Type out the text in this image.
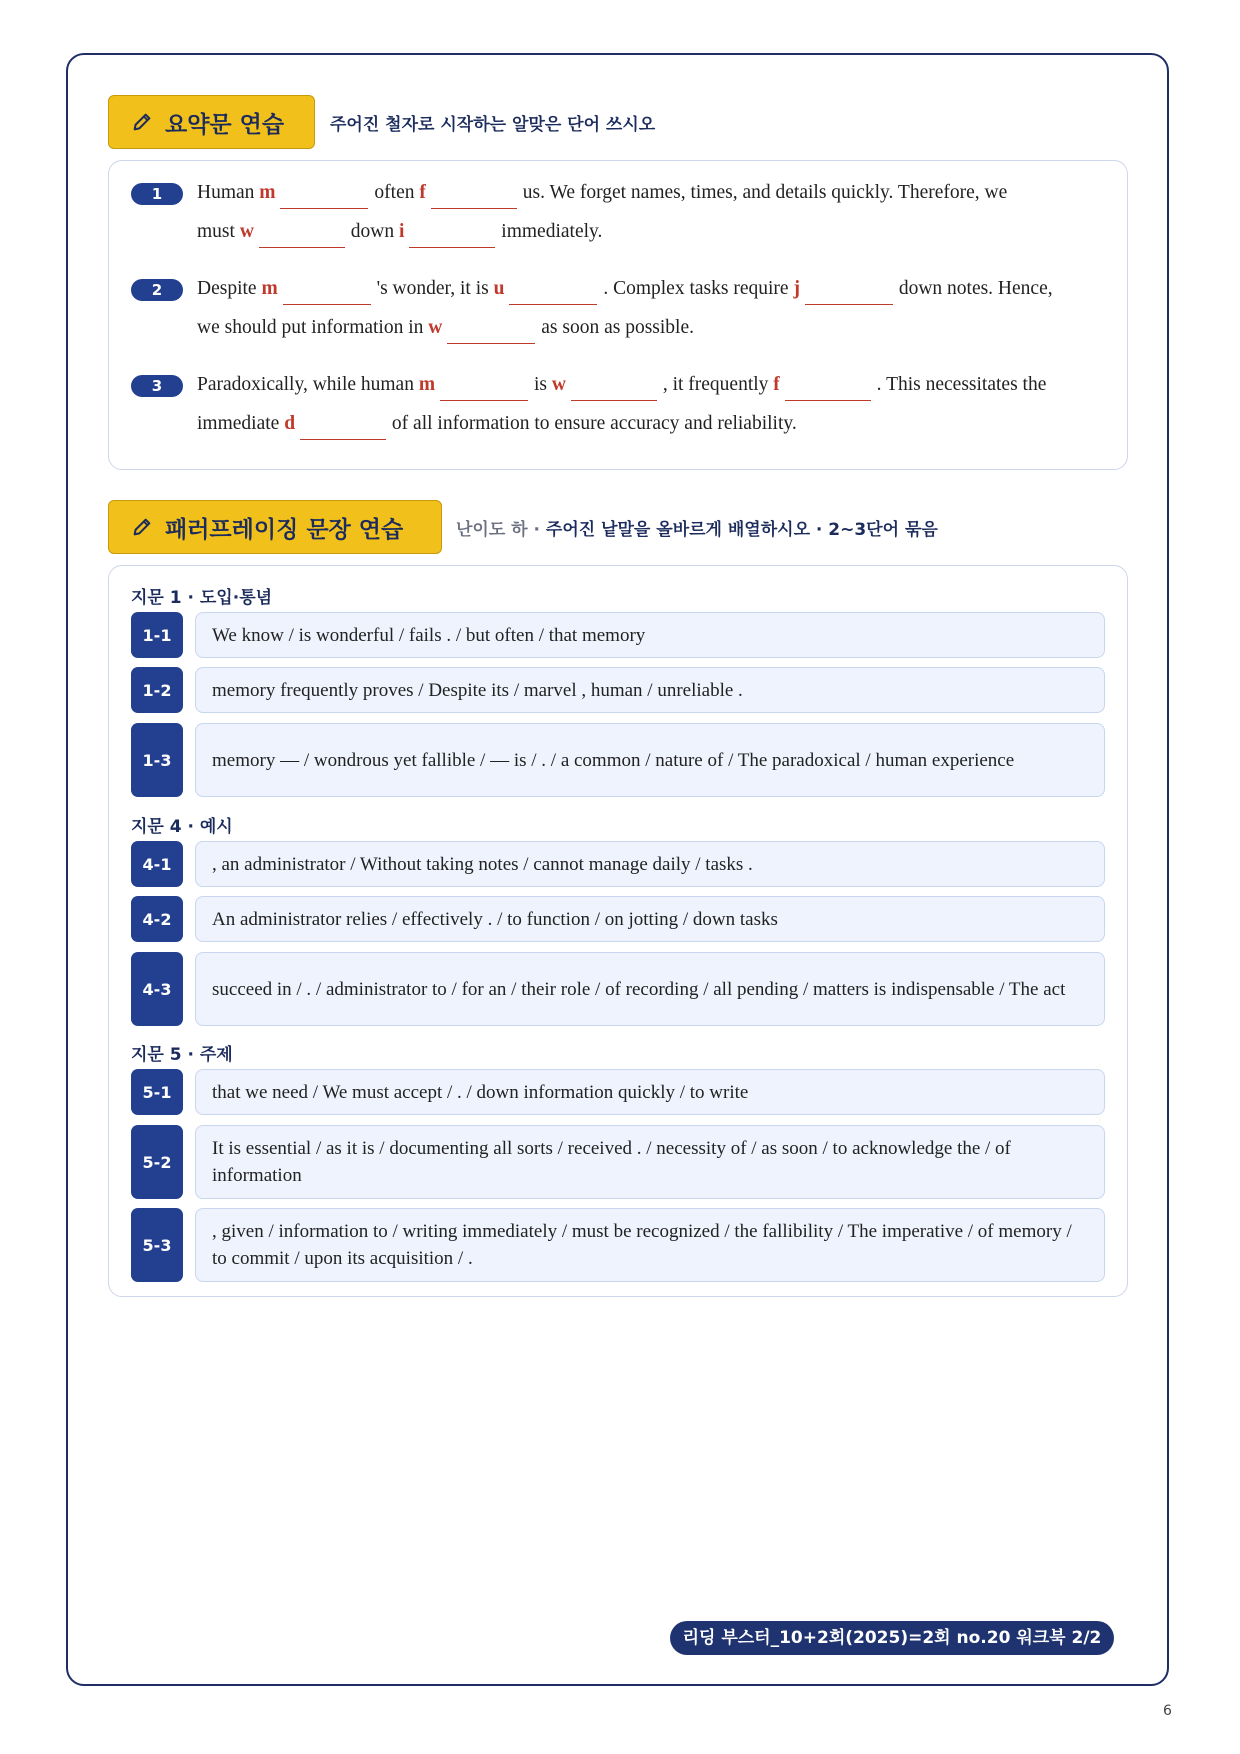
요약문 연습	주어진 철자로 시작하는 알맞은 단어 쓰시오
1	Human m	often f	us. We forget names, times, and details quickly. Therefore, we
must w	down i	immediately.
2	Despite m	's wonder, it is u	. Complex tasks require j	down notes. Hence,
we should put information in w	as soon as possible.
3	Paradoxically, while human m	is w	, it frequently f	. This necessitates the
immediate d	of all information to ensure accuracy and reliability.
패러프레이징 문장 연습	난이도 하 · 주어진 낱말을 올바르게 배열하시오 · 2~3단어 묶음
지문 1 · 도입·통념
1-1	We know / is wonderful / fails . / but often / that memory
1-2	memory frequently proves / Despite its / marvel , human / unreliable .
1-3	memory — / wondrous yet fallible / — is / . / a common / nature of / The paradoxical / human experience
지문 4 · 예시
4-1	, an administrator / Without taking notes / cannot manage daily / tasks .
4-2	An administrator relies / effectively . / to function / on jotting / down tasks
4-3	succeed in / . / administrator to / for an / their role / of recording / all pending / matters is indispensable / The act
지문 5 · 주제
5-1	that we need / We must accept / . / down information quickly / to write
5-2
It is essential / as it is / documenting all sorts / received . / necessity of / as soon / to acknowledge the / of information
5-3
, given / information to / writing immediately / must be recognized / the fallibility / The imperative / of memory / to commit / upon its acquisition / .
리딩 부스터_10+2회(2025)=2회 no.20 워크북 2/2
6
